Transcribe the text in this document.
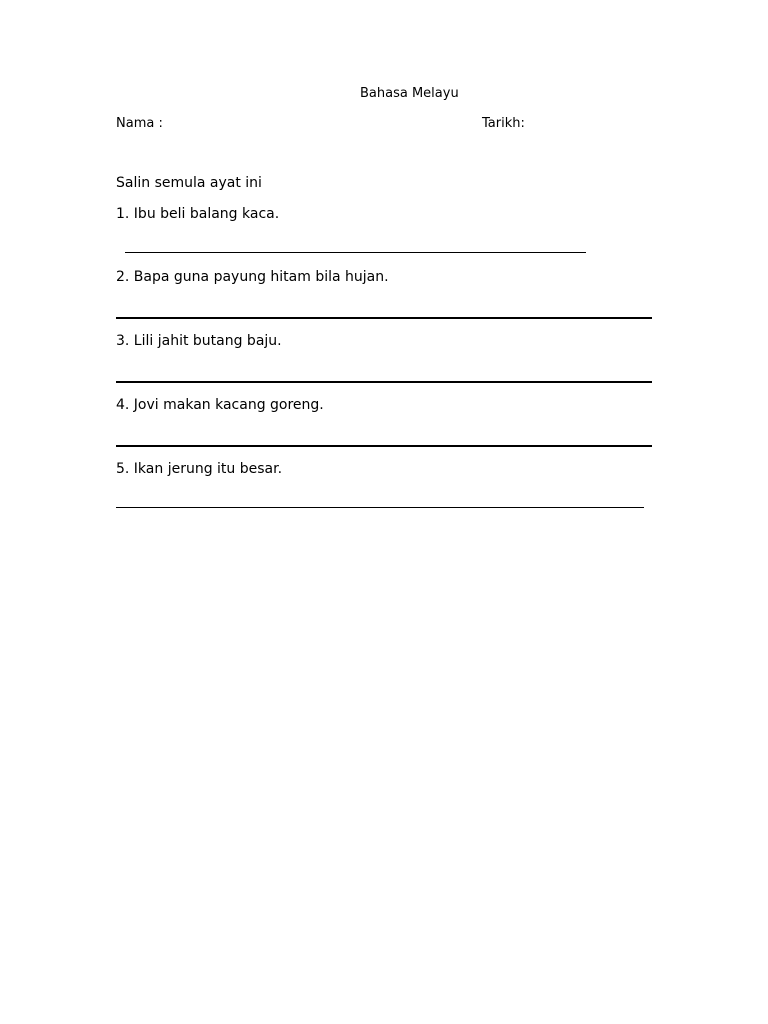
Bahasa Melayu
Nama :	Tarikh:
Salin semula ayat ini
1. Ibu beli balang kaca.
2. Bapa guna payung hitam bila hujan.
3. Lili jahit butang baju.
4. Jovi makan kacang goreng.
5. Ikan jerung itu besar.
